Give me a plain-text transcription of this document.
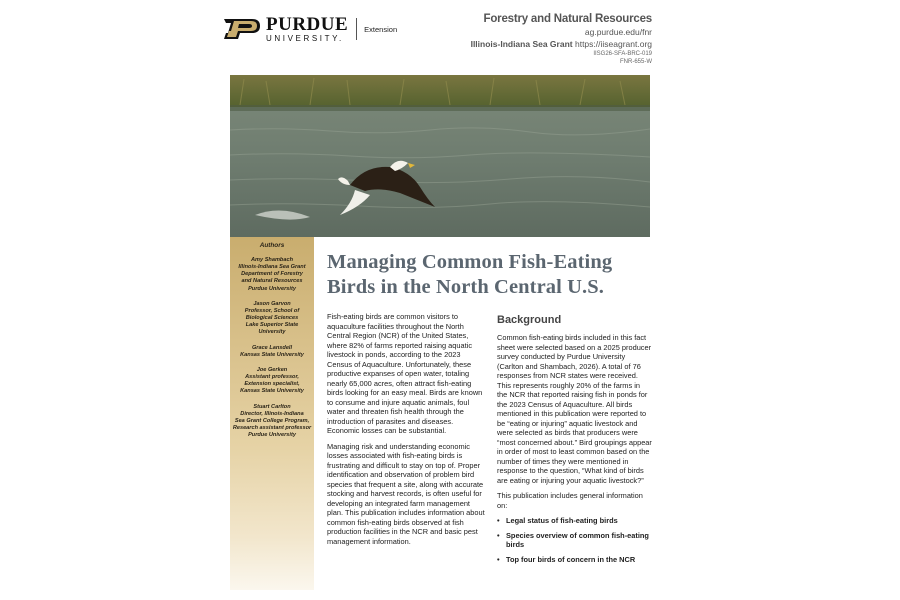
PURDUE
UNIVERSITY.
Extension
Forestry and Natural Resources
ag.purdue.edu/fnr
Illinois-Indiana Sea Grant https://iiseagrant.org
IISG26-SFA-BRC-019
FNR-655-W
Authors
Amy Shambach
Illinois-Indiana Sea Grant
Department of Forestry
and Natural Resources
Purdue University
Jason Garvon
Professor, School of
Biological Sciences
Lake Superior State
University
Grace Lansdell
Kansas State University
Joe Gerken
Assistant professor,
Extension specialist,
Kansas State University
Stuart Carlton
Director, Illinois-Indiana
Sea Grant College Program,
Research assistant professor
Purdue University
Managing Common Fish-Eating
Birds in the North Central U.S.

Fish-eating birds are common visitors to aquaculture facilities throughout the North Central Region (NCR) of the United States, where 82% of farms reported raising aquatic livestock in ponds, according to the 2023 Census of Aquaculture. Unfortunately, these productive expanses of open water, totaling nearly 65,000 acres, often attract fish-eating birds looking for an easy meal. Birds are known to consume and injure aquatic animals, foul water and threaten fish health through the introduction of parasites and diseases. Economic losses can be substantial.

Managing risk and understanding economic losses associated with fish-eating birds is frustrating and difficult to stay on top of. Proper identification and observation of problem bird species that frequent a site, along with accurate stocking and harvest records, is often useful for developing an integrated farm management plan. This publication includes information about common fish-eating birds observed at fish production facilities in the NCR and basic pest management information.

Background

Common fish-eating birds included in this fact sheet were selected based on a 2025 producer survey conducted by Purdue University (Carlton and Shambach, 2026). A total of 76 responses from NCR states were received. This represents roughly 20% of the farms in the NCR that reported raising fish in ponds for the 2023 Census of Aquaculture. All birds mentioned in this publication were reported to be “eating or injuring” aquatic livestock and were selected as birds that producers were “most concerned about.” Bird groupings appear in order of most to least common based on the number of times they were mentioned in response to the question, “What kind of birds are eating or injuring your aquatic livestock?”

This publication includes general information on:

• Legal status of fish-eating birds
• Species overview of common fish-eating birds
• Top four birds of concern in the NCR
